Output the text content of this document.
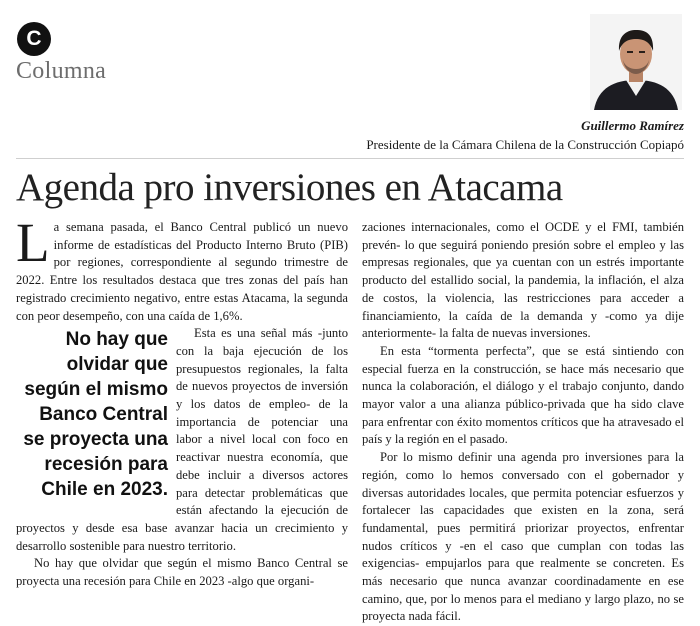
C
Columna
Guillermo Ramírez
Presidente de la Cámara Chilena de la Construcción Copiapó
Agenda pro inversiones en Atacama

La semana pasada, el Banco Central publicó un nuevo informe de estadísticas del Producto Interno Bruto (PIB) por regiones, correspondiente al segundo trimestre de 2022. Entre los resultados destaca que tres zonas del país han registrado crecimiento negativo, entre estas Atacama, la segunda con peor desempeño, con una caída de 1,6%.

No hay que olvidar que según el mismo Banco Central se proyecta una recesión para Chile en 2023.
Esta es una señal más -junto con la baja ejecución de los presupuestos regionales, la falta de nuevos proyectos de inversión y los datos de empleo- de la importancia de potenciar una labor a nivel local con foco en reactivar nuestra economía, que debe incluir a diversos actores para detectar problemáticas que están afectando la ejecución de proyectos y desde esa base avanzar hacia un crecimiento y desarrollo sostenible para nuestro territorio.

No hay que olvidar que según el mismo Banco Central se proyecta una recesión para Chile en 2023 -algo que organi-

zaciones internacionales, como el OCDE y el FMI, también prevén- lo que seguirá poniendo presión sobre el empleo y las empresas regionales, que ya cuentan con un estrés importante producto del estallido social, la pandemia, la inflación, el alza de costos, la violencia, las restricciones para acceder a financiamiento, la caída de la demanda y -como ya dije anteriormente- la falta de nuevas inversiones.

En esta “tormenta perfecta”, que se está sintiendo con especial fuerza en la construcción, se hace más necesario que nunca la colaboración, el diálogo y el trabajo conjunto, dando mayor valor a una alianza público-privada que ha sido clave para enfrentar con éxito momentos críticos que ha atravesado el país y la región en el pasado.

Por lo mismo definir una agenda pro inversiones para la región, como lo hemos conversado con el gobernador y diversas autoridades locales, que permita potenciar esfuerzos y fortalecer las capacidades que existen en la zona, será fundamental, pues permitirá priorizar proyectos, enfrentar nudos críticos y -en el caso que cumplan con todas las exigencias- empujarlos para que realmente se concreten. Es más necesario que nunca avanzar coordinadamente en ese camino, que, por lo menos para el mediano y largo plazo, no se proyecta nada fácil.
